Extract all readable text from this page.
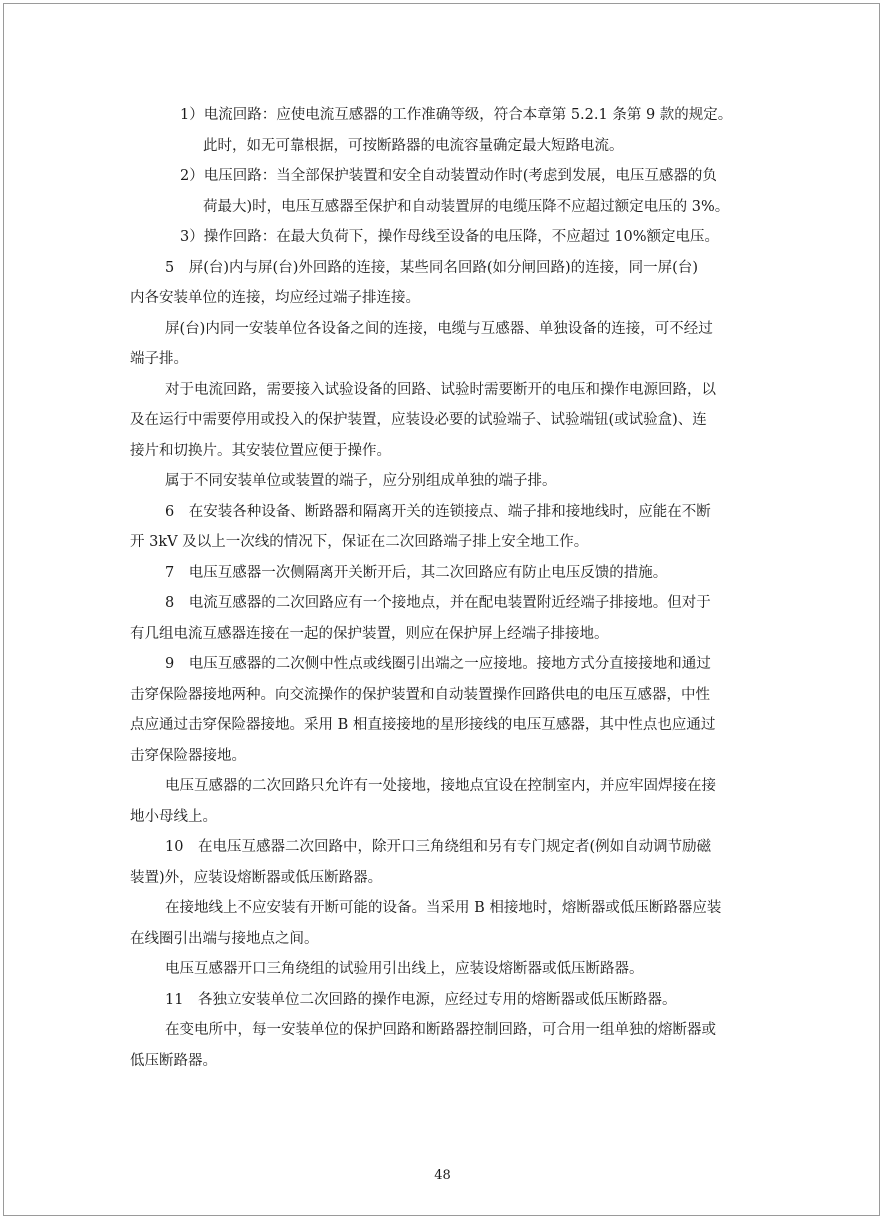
1）电流回路：应使电流互感器的工作准确等级，符合本章第 5.2.1 条第 9 款的规定。
此时，如无可靠根据，可按断路器的电流容量确定最大短路电流。
2）电压回路：当全部保护装置和安全自动装置动作时(考虑到发展，电压互感器的负
荷最大)时，电压互感器至保护和自动装置屏的电缆压降不应超过额定电压的 3%。
3）操作回路：在最大负荷下，操作母线至设备的电压降，不应超过 10%额定电压。
5　屏(台)内与屏(台)外回路的连接，某些同名回路(如分闸回路)的连接，同一屏(台)
内各安装单位的连接，均应经过端子排连接。
屏(台)内同一安装单位各设备之间的连接，电缆与互感器、单独设备的连接，可不经过
端子排。
对于电流回路，需要接入试验设备的回路、试验时需要断开的电压和操作电源回路，以
及在运行中需要停用或投入的保护装置，应装设必要的试验端子、试验端钮(或试验盒)、连
接片和切换片。其安装位置应便于操作。
属于不同安装单位或装置的端子，应分别组成单独的端子排。
6　在安装各种设备、断路器和隔离开关的连锁接点、端子排和接地线时，应能在不断
开 3kV 及以上一次线的情况下，保证在二次回路端子排上安全地工作。
7　电压互感器一次侧隔离开关断开后，其二次回路应有防止电压反馈的措施。
8　电流互感器的二次回路应有一个接地点，并在配电装置附近经端子排接地。但对于
有几组电流互感器连接在一起的保护装置，则应在保护屏上经端子排接地。
9　电压互感器的二次侧中性点或线圈引出端之一应接地。接地方式分直接接地和通过
击穿保险器接地两种。向交流操作的保护装置和自动装置操作回路供电的电压互感器，中性
点应通过击穿保险器接地。采用 B 相直接接地的星形接线的电压互感器，其中性点也应通过
击穿保险器接地。
电压互感器的二次回路只允许有一处接地，接地点宜设在控制室内，并应牢固焊接在接
地小母线上。
10　在电压互感器二次回路中，除开口三角绕组和另有专门规定者(例如自动调节励磁
装置)外，应装设熔断器或低压断路器。
在接地线上不应安装有开断可能的设备。当采用 B 相接地时，熔断器或低压断路器应装
在线圈引出端与接地点之间。
电压互感器开口三角绕组的试验用引出线上，应装设熔断器或低压断路器。
11　各独立安装单位二次回路的操作电源，应经过专用的熔断器或低压断路器。
在变电所中，每一安装单位的保护回路和断路器控制回路，可合用一组单独的熔断器或
低压断路器。
48
